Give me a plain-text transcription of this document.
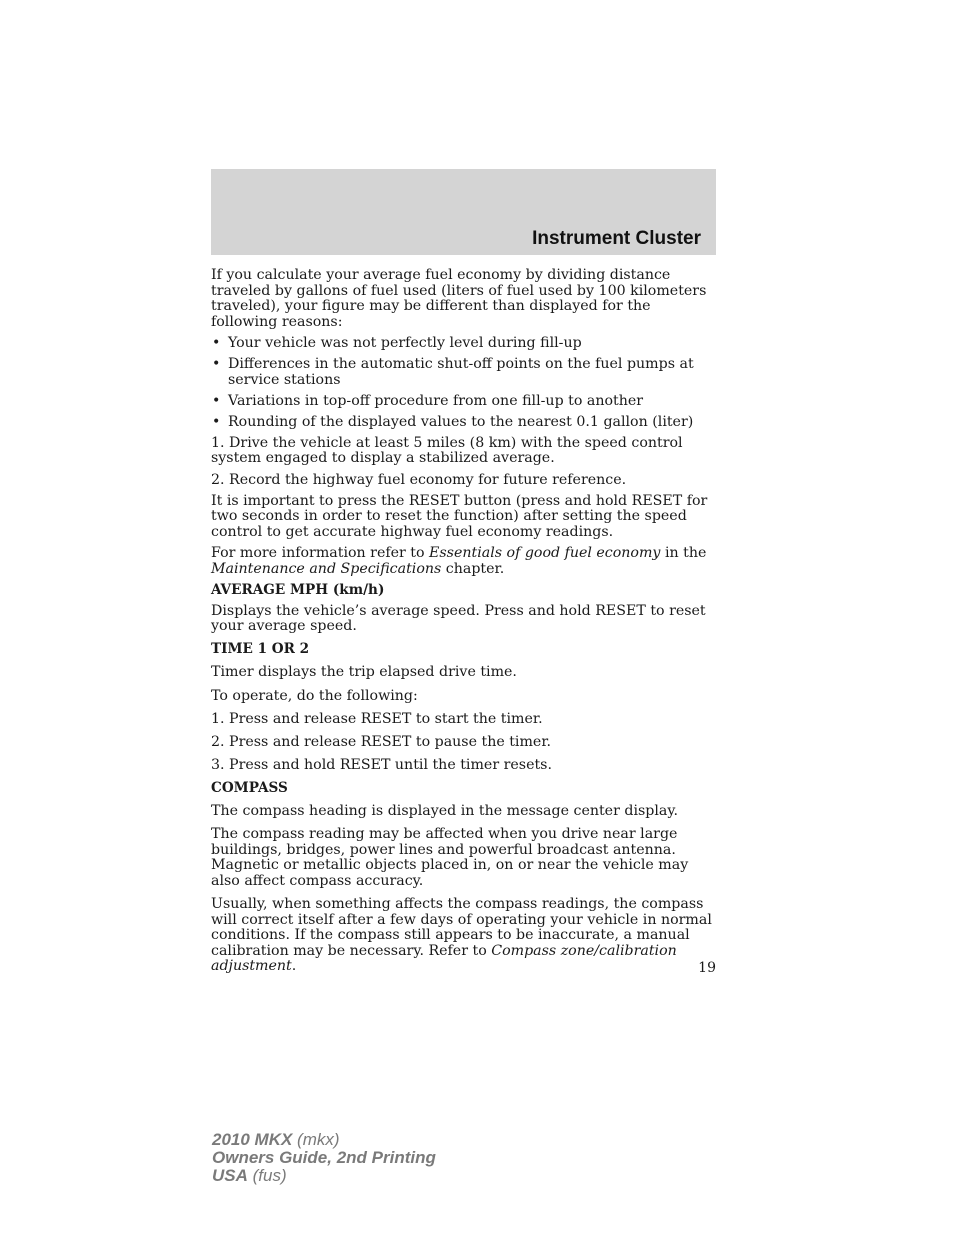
Instrument Cluster

If you calculate your average fuel economy by dividing distance traveled by gallons of fuel used (liters of fuel used by 100 kilometers traveled), your figure may be different than displayed for the following reasons:

• Your vehicle was not perfectly level during fill-up
• Differences in the automatic shut-off points on the fuel pumps at service stations
• Variations in top-off procedure from one fill-up to another
• Rounding of the displayed values to the nearest 0.1 gallon (liter)

1. Drive the vehicle at least 5 miles (8 km) with the speed control system engaged to display a stabilized average.

2. Record the highway fuel economy for future reference.

It is important to press the RESET button (press and hold RESET for two seconds in order to reset the function) after setting the speed control to get accurate highway fuel economy readings.

For more information refer to Essentials of good fuel economy in the Maintenance and Specifications chapter.

AVERAGE MPH (km/h)

Displays the vehicle’s average speed. Press and hold RESET to reset your average speed.

TIME 1 OR 2

Timer displays the trip elapsed drive time.

To operate, do the following:

1. Press and release RESET to start the timer.

2. Press and release RESET to pause the timer.

3. Press and hold RESET until the timer resets.

COMPASS

The compass heading is displayed in the message center display.

The compass reading may be affected when you drive near large buildings, bridges, power lines and powerful broadcast antenna. Magnetic or metallic objects placed in, on or near the vehicle may also affect compass accuracy.

Usually, when something affects the compass readings, the compass will correct itself after a few days of operating your vehicle in normal conditions. If the compass still appears to be inaccurate, a manual calibration may be necessary. Refer to Compass zone/calibration adjustment.	19
2010 MKX (mkx)
Owners Guide, 2nd Printing
USA (fus)
